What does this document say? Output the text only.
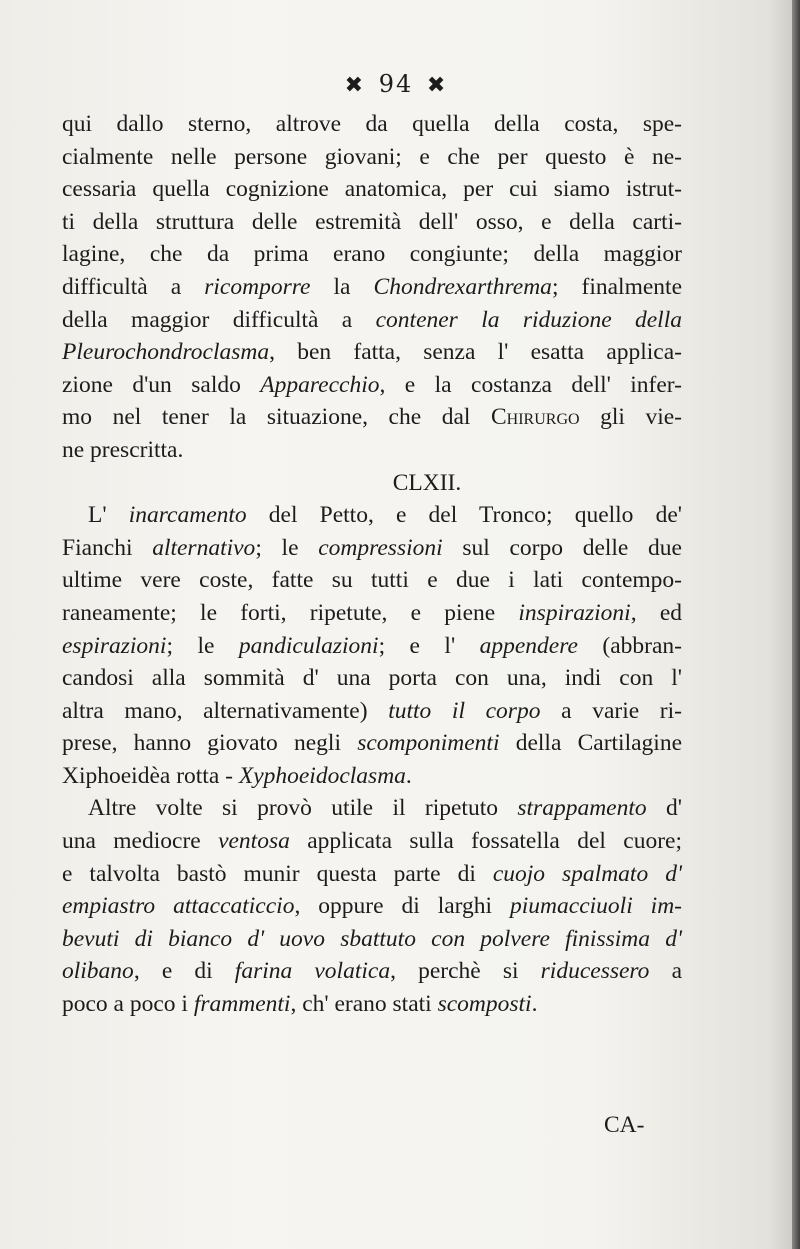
✖ 94 ✖
qui dallo sterno, altrove da quella della costa, spe-
cialmente nelle persone giovani; e che per questo è ne-
cessaria quella cognizione anatomica, per cui siamo istrut-
ti della struttura delle estremità dell' osso, e della carti-
lagine, che da prima erano congiunte; della maggior
difficultà a ricomporre la Chondrexarthrema; finalmente
della maggior difficultà a contener la riduzione della
Pleurochondroclasma, ben fatta, senza l' esatta applica-
zione d'un saldo Apparecchio, e la costanza dell' infer-
mo nel tener la situazione, che dal Chirurgo gli vie-
ne prescritta.
CLXII.
L' inarcamento del Petto, e del Tronco; quello de'
Fianchi alternativo; le compressioni sul corpo delle due
ultime vere coste, fatte su tutti e due i lati contempo-
raneamente; le forti, ripetute, e piene inspirazioni, ed
espirazioni; le pandiculazioni; e l' appendere (abbran-
candosi alla sommità d' una porta con una, indi con l'
altra mano, alternativamente) tutto il corpo a varie ri-
prese, hanno giovato negli scomponimenti della Cartilagine
Xiphoeidèa rotta - Xyphoeidoclasma.
Altre volte si provò utile il ripetuto strappamento d'
una mediocre ventosa applicata sulla fossatella del cuore;
e talvolta bastò munir questa parte di cuojo spalmato d'
empiastro attaccaticcio, oppure di larghi piumacciuoli im-
bevuti di bianco d' uovo sbattuto con polvere finissima d'
olibano, e di farina volatica, perchè si riducessero a
poco a poco i frammenti, ch' erano stati scomposti.
CA-
